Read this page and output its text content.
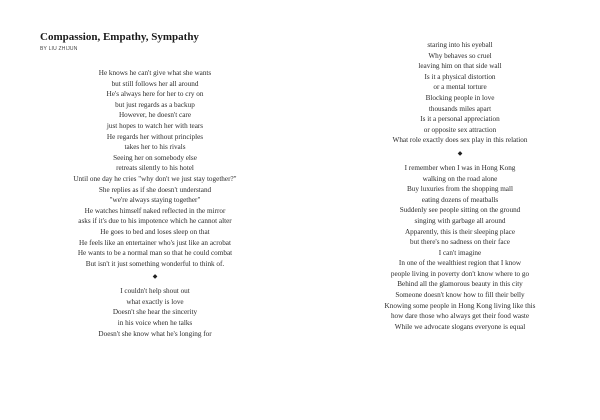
Compassion, Empathy, Sympathy
BY LIU ZHIJUN
He knows he can't give what she wants
but still follows her all around
He's always here for her to cry on
but just regards as a backup
However, he doesn't care
just hopes to watch her with tears
He regards her without principles
takes her to his rivals
Seeing her on somebody else
retreats silently to his hotel
Until one day he cries "why don't we just stay together?"
She replies as if she doesn't understand
"we're always staying together"
He watches himself naked reflected in the mirror
asks if it's due to his impotence which he cannot alter
He goes to bed and loses sleep on that
He feels like an entertainer who's just like an acrobat
He wants to be a normal man so that he could combat
But isn't it just something wonderful to think of.
◆
I couldn't help shout out
what exactly is love
Doesn't she hear the sincerity
in his voice when he talks
Doesn't she know what he's longing for
staring into his eyeball
Why behaves so cruel
leaving him on that side wall
Is it a physical distortion
or a mental torture
Blocking people in love
thousands miles apart
Is it a personal appreciation
or opposite sex attraction
What role exactly does sex play in this relation
◆
I remember when I was in Hong Kong
walking on the road alone
Buy luxuries from the shopping mall
eating dozens of meatballs
Suddenly see people sitting on the ground
singing with garbage all around
Apparently, this is their sleeping place
but there's no sadness on their face
I can't imagine
In one of the wealthiest region that I know
people living in poverty don't know where to go
Behind all the glamorous beauty in this city
Someone doesn't know how to fill their belly
Knowing some people in Hong Kong living like this
how dare those who always get their food waste
While we advocate slogans everyone is equal
